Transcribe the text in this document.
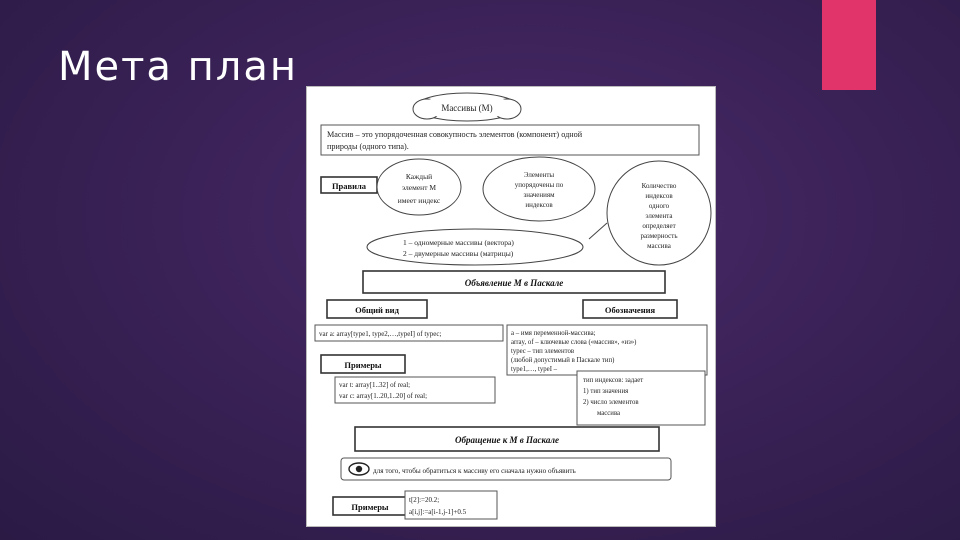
Мета план
Массивы (М)
Массив – это упорядоченная совокупность элементов (компонент) одной
природы (одного типа).
Правила
Каждый
элемент М
имеет индекс
Элементы
упорядочены по
значениям
индексов
Количество
индексов
одного
элемента
определяет
размерность
массива
1 – одномерные массивы (вектора)
2 – двумерные массивы (матрицы)
Объявление М в Паскале
Общий вид	Обозначения
var a: array[type1, type2,…,typeI] of typeс;	a – имя переменной-массива;
array, of – ключевые слова («массив», «из»)
typeс – тип элементов
(любой допустимый в Паскале тип)
type1,…, typeI –
Примеры
var t: array[1..32] of real;
var c: array[1..20,1..20] of real;
тип индексов: задает
1) тип значения
2) число элементов
массива
Обращение к М в Паскале
для того, чтобы обратиться к массиву его сначала нужно объявить
Примеры
t[2]:=20.2;
a[i,j]:=a[i-1,j-1]+0.5
